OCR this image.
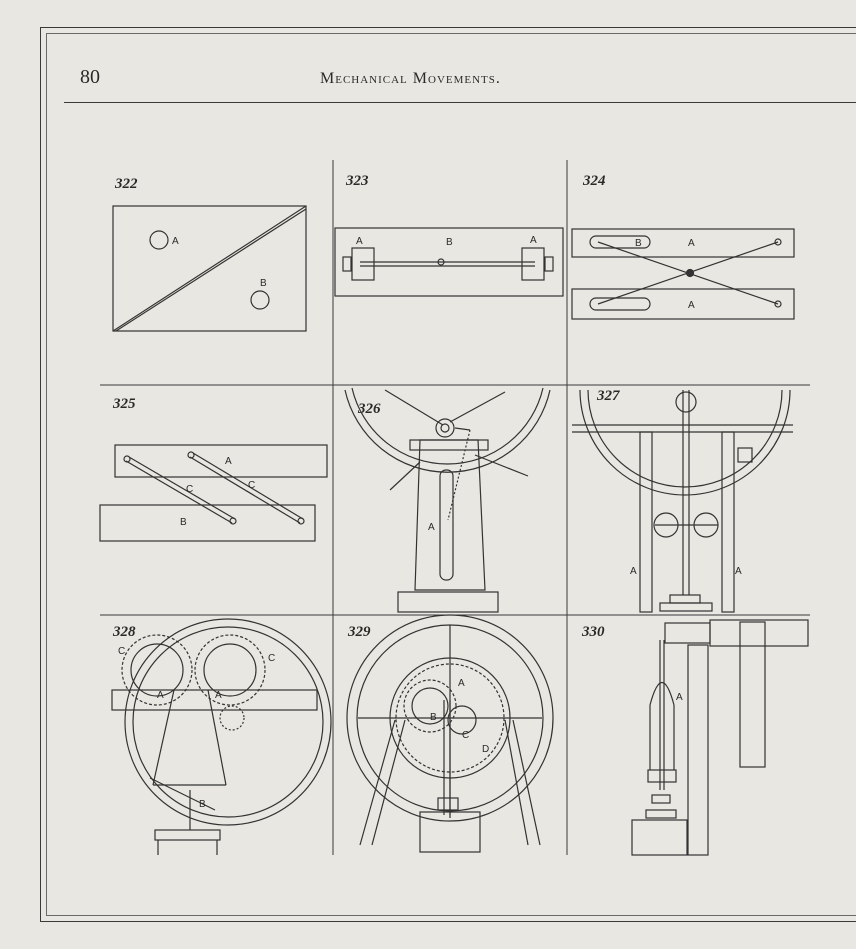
80	Mechanical Movements.
322
A
B
323
A	B	A
324
B	A
A
325
A
C	C
B
326
A
327
A	A
328
C
C
A	A
B
329
A
B
C
D
330
A
